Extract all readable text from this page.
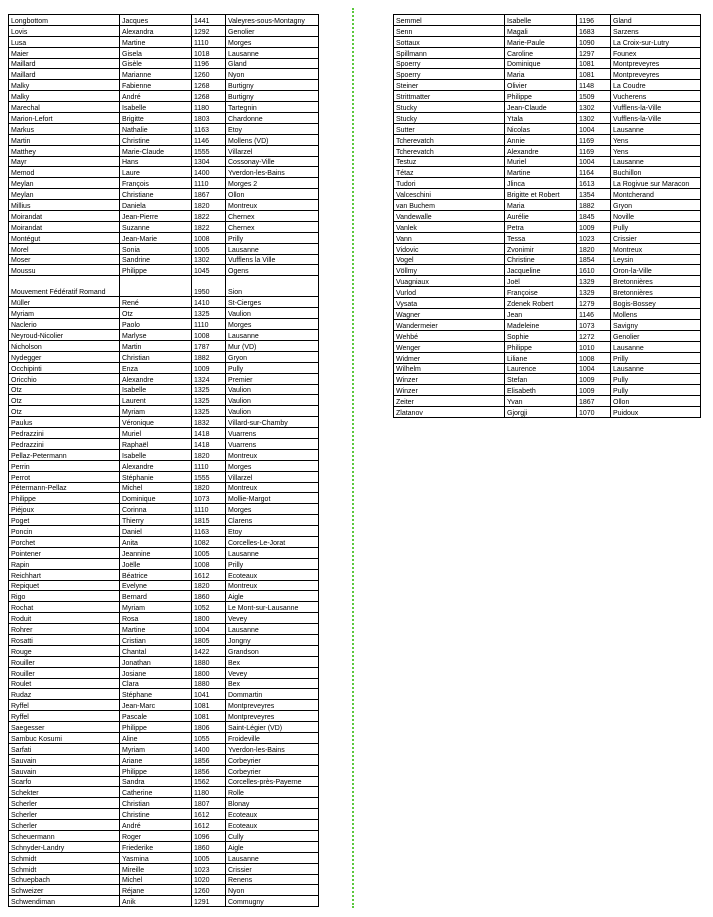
Longbottom	Jacques	1441	Valeyres-sous-Montagny
Lovis	Alexandra	1292	Genolier
Lusa	Martine	1110	Morges
Maier	Gisela	1018	Lausanne
Maillard	Gisèle	1196	Gland
Maillard	Marianne	1260	Nyon
Malky	Fabienne	1268	Burtigny
Malky	André	1268	Burtigny
Marechal	Isabelle	1180	Tartegnin
Marion-Lefort	Brigitte	1803	Chardonne
Markus	Nathalie	1163	Etoy
Martin	Christine	1146	Mollens (VD)
Matthey	Marie-Claude	1555	Villarzel
Mayr	Hans	1304	Cossonay-Ville
Memod	Laure	1400	Yverdon-les-Bains
Meylan	François	1110	Morges 2
Meylan	Christiane	1867	Ollon
Millius	Daniela	1820	Montreux
Moirandat	Jean-Pierre	1822	Chernex
Moirandat	Suzanne	1822	Chernex
Montégut	Jean-Marie	1008	Prilly
Morel	Sonia	1005	Lausanne
Moser	Sandrine	1302	Vufflens la Ville
Moussu	Philippe	1045	Ogens
Mouvement Fédératif Romand		1950	Sion
Müller	René	1410	St-Cierges
Myriam	Otz	1325	Vaulion
Naclerio	Paolo	1110	Morges
Neyroud-Nicolier	Marlyse	1008	Lausanne
Nicholson	Martin	1787	Mur (VD)
Nydegger	Christian	1882	Gryon
Occhipinti	Enza	1009	Pully
Oricchio	Alexandre	1324	Premier
Otz	Isabelle	1325	Vaulion
Otz	Laurent	1325	Vaulion
Otz	Myriam	1325	Vaulion
Paulus	Véronique	1832	Villard-sur-Chamby
Pedrazzini	Muriel	1418	Vuarrens
Pedrazzini	Raphaël	1418	Vuarrens
Pellaz-Petermann	Isabelle	1820	Montreux
Perrin	Alexandre	1110	Morges
Perrot	Stéphanie	1555	Villarzel
Pétermann-Pellaz	Michel	1820	Montreux
Philippe	Dominique	1073	Mollie-Margot
Piéjoux	Corinna	1110	Morges
Poget	Thierry	1815	Clarens
Poncin	Daniel	1163	Etoy
Porchet	Anita	1082	Corcelles-Le-Jorat
Pointener	Jeannine	1005	Lausanne
Rapin	Joëlle	1008	Prilly
Reichhart	Béatrice	1612	Ecoteaux
Repiquet	Evelyne	1820	Montreux
Rigo	Bernard	1860	Aigle
Rochat	Myriam	1052	Le Mont-sur-Lausanne
Roduit	Rosa	1800	Vevey
Rohrer	Martine	1004	Lausanne
Rosatti	Cristian	1805	Jongny
Rouge	Chantal	1422	Grandson
Rouiller	Jonathan	1880	Bex
Rouiller	Josiane	1800	Vevey
Roulet	Clara	1880	Bex
Rudaz	Stéphane	1041	Dommartin
Ryffel	Jean-Marc	1081	Montpreveyres
Ryffel	Pascale	1081	Montpreveyres
Saegesser	Philippe	1806	Saint-Légier (VD)
Sambuc Kosumi	Aline	1055	Froideville
Sarfati	Myriam	1400	Yverdon-les-Bains
Sauvain	Ariane	1856	Corbeyrier
Sauvain	Philippe	1856	Corbeyrier
Scarfo	Sandra	1562	Corcelles-près-Payerne
Schekter	Catherine	1180	Rolle
Scherler	Christian	1807	Blonay
Scherler	Christine	1612	Ecoteaux
Scherler	André	1612	Ecoteaux
Scheuermann	Roger	1096	Cully
Schnyder-Landry	Friederike	1860	Aigle
Schmidt	Yasmina	1005	Lausanne
Schmidt	Mireille	1023	Crissier
Schuepbach	Michel	1020	Renens
Schweizer	Réjane	1260	Nyon
Schwendiman	Anik	1291	Commugny
Semmel	Isabelle	1196	Gland
Senn	Magali	1683	Sarzens
Sottaux	Marie-Paule	1090	La Croix-sur-Lutry
Spillmann	Caroline	1297	Founex
Spoerry	Dominique	1081	Montpreveyres
Spoerry	Maria	1081	Montpreveyres
Steiner	Olivier	1148	La Coudre
Strittmatter	Philippe	1509	Vucherens
Stucky	Jean-Claude	1302	Vufflens-la-Ville
Stucky	Ytala	1302	Vufflens-la-Ville
Sutter	Nicolas	1004	Lausanne
Tcherevatch	Annie	1169	Yens
Tcherevatch	Alexandre	1169	Yens
Testuz	Muriel	1004	Lausanne
Tétaz	Martine	1164	Buchillon
Tudori	Jlinca	1613	La Rogivue sur Maracon
Valceschini	Brigitte et Robert	1354	Montcherand
van Buchem	Maria	1882	Gryon
Vandewalle	Aurélie	1845	Noville
Vanlek	Petra	1009	Pully
Vann	Tessa	1023	Crissier
Vidovic	Zvonimir	1820	Montreux
Vogel	Christine	1854	Leysin
Völlmy	Jacqueline	1610	Oron-la-Ville
Vuagniaux	Joël	1329	Bretonnières
Vurlod	Françoise	1329	Bretonnières
Vysata	Zdenek Robert	1279	Bogis-Bossey
Wagner	Jean	1146	Mollens
Wandermeier	Madeleine	1073	Savigny
Wehbé	Sophie	1272	Genolier
Wenger	Philippe	1010	Lausanne
Widmer	Liliane	1008	Prilly
Wilhelm	Laurence	1004	Lausanne
Winzer	Stefan	1009	Pully
Winzer	Elisabeth	1009	Pully
Zeiter	Yvan	1867	Ollon
Zlatanov	Gjorgji	1070	Puidoux
